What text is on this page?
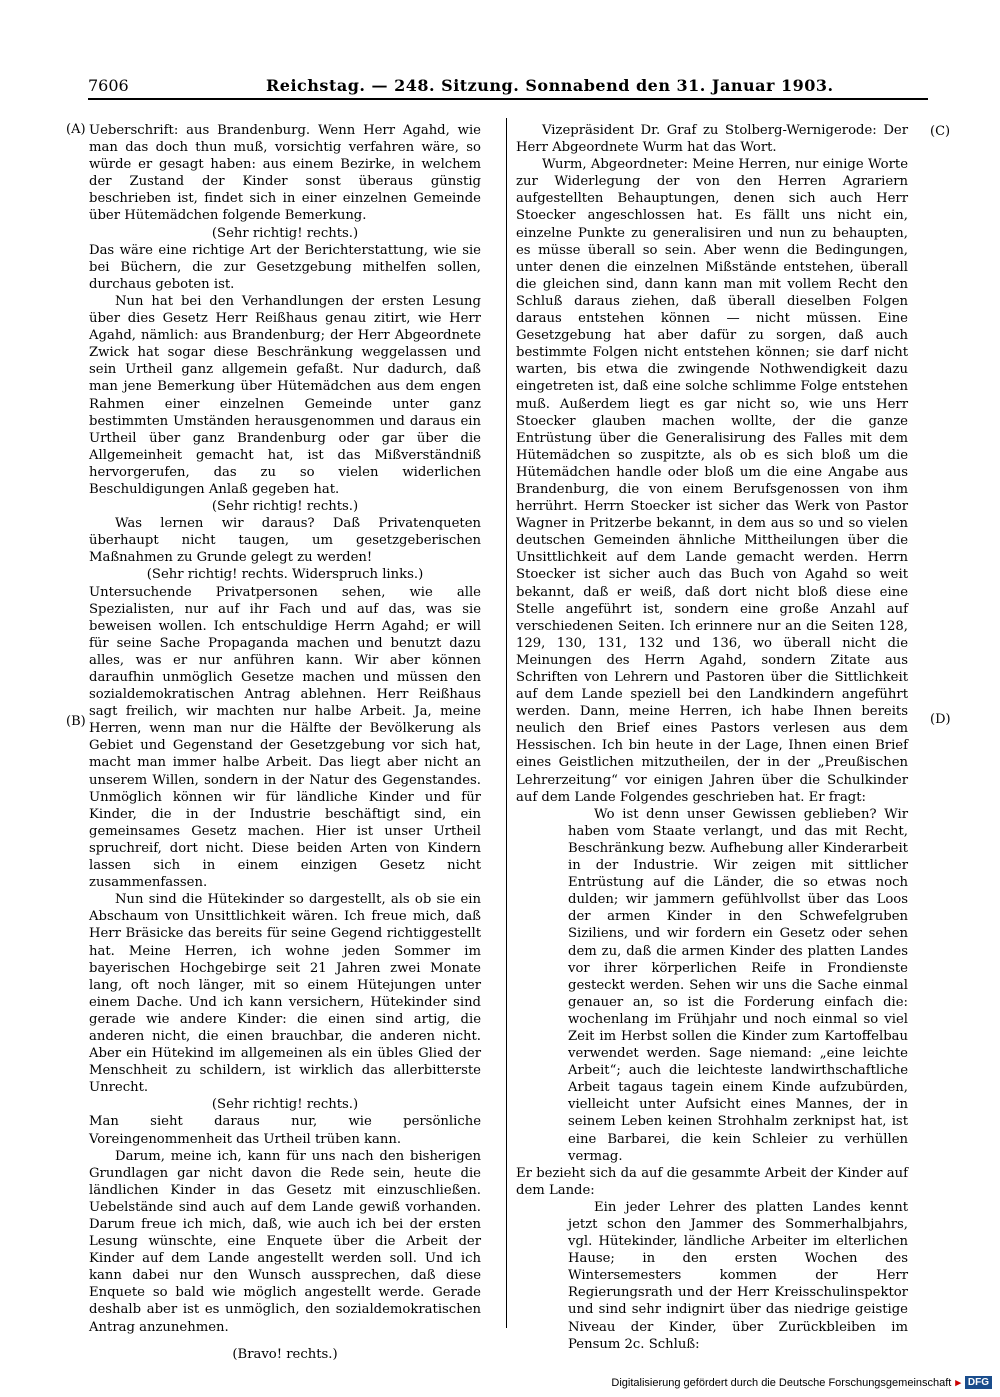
7606	Reichstag. — 248. Sitzung. Sonnabend den 31. Januar 1903.
(A)
(B)
(C)
(D)

Ueberschrift: aus Brandenburg. Wenn Herr Agahd, wie man das doch thun muß, vorsichtig verfahren wäre, so würde er gesagt haben: aus einem Bezirke, in welchem der Zustand der Kinder sonst überaus günstig beschrieben ist, findet sich in einer einzelnen Gemeinde über Hütemädchen folgende Bemerkung.

(Sehr richtig! rechts.)

Das wäre eine richtige Art der Berichterstattung, wie sie bei Büchern, die zur Gesetzgebung mithelfen sollen, durchaus geboten ist.

Nun hat bei den Verhandlungen der ersten Lesung über dies Gesetz Herr Reißhaus genau zitirt, wie Herr Agahd, nämlich: aus Brandenburg; der Herr Abgeordnete Zwick hat sogar diese Beschränkung weggelassen und sein Urtheil ganz allgemein gefaßt. Nur dadurch, daß man jene Bemerkung über Hütemädchen aus dem engen Rahmen einer einzelnen Gemeinde unter ganz bestimmten Umständen herausgenommen und daraus ein Urtheil über ganz Brandenburg oder gar über die Allgemeinheit gemacht hat, ist das Mißverständniß hervorgerufen, das zu so vielen widerlichen Beschuldigungen Anlaß gegeben hat.

(Sehr richtig! rechts.)

Was lernen wir daraus? Daß Privatenqueten überhaupt nicht taugen, um gesetzgeberischen Maßnahmen zu Grunde gelegt zu werden!

(Sehr richtig! rechts. Widerspruch links.)

Untersuchende Privatpersonen sehen, wie alle Spezialisten, nur auf ihr Fach und auf das, was sie beweisen wollen. Ich entschuldige Herrn Agahd; er will für seine Sache Propaganda machen und benutzt dazu alles, was er nur anführen kann. Wir aber können daraufhin unmöglich Gesetze machen und müssen den sozialdemokratischen Antrag ablehnen. Herr Reißhaus sagt freilich, wir machten nur halbe Arbeit. Ja, meine Herren, wenn man nur die Hälfte der Bevölkerung als Gebiet und Gegenstand der Gesetzgebung vor sich hat, macht man immer halbe Arbeit. Das liegt aber nicht an unserem Willen, sondern in der Natur des Gegenstandes. Unmöglich können wir für ländliche Kinder und für Kinder, die in der Industrie beschäftigt sind, ein gemeinsames Gesetz machen. Hier ist unser Urtheil spruchreif, dort nicht. Diese beiden Arten von Kindern lassen sich in einem einzigen Gesetz nicht zusammenfassen.

Nun sind die Hütekinder so dargestellt, als ob sie ein Abschaum von Unsittlichkeit wären. Ich freue mich, daß Herr Bräsicke das bereits für seine Gegend richtiggestellt hat. Meine Herren, ich wohne jeden Sommer im bayerischen Hochgebirge seit 21 Jahren zwei Monate lang, oft noch länger, mit so einem Hütejungen unter einem Dache. Und ich kann versichern, Hütekinder sind gerade wie andere Kinder: die einen sind artig, die anderen nicht, die einen brauchbar, die anderen nicht. Aber ein Hütekind im allgemeinen als ein übles Glied der Menschheit zu schildern, ist wirklich das allerbitterste Unrecht.

(Sehr richtig! rechts.)

Man sieht daraus nur, wie persönliche Voreingenommenheit das Urtheil trüben kann.

Darum, meine ich, kann für uns nach den bisherigen Grundlagen gar nicht davon die Rede sein, heute die ländlichen Kinder in das Gesetz mit einzuschließen. Uebelstände sind auch auf dem Lande gewiß vorhanden. Darum freue ich mich, daß, wie auch ich bei der ersten Lesung wünschte, eine Enquete über die Arbeit der Kinder auf dem Lande angestellt werden soll. Und ich kann dabei nur den Wunsch aussprechen, daß diese Enquete so bald wie möglich angestellt werde. Gerade deshalb aber ist es unmöglich, den sozialdemokratischen Antrag anzunehmen.

(Bravo! rechts.)

Vizepräsident Dr. Graf zu Stolberg-Wernigerode: Der Herr Abgeordnete Wurm hat das Wort.

Wurm, Abgeordneter: Meine Herren, nur einige Worte zur Widerlegung der von den Herren Agrariern aufgestellten Behauptungen, denen sich auch Herr Stoecker angeschlossen hat. Es fällt uns nicht ein, einzelne Punkte zu generalisiren und nun zu behaupten, es müsse überall so sein. Aber wenn die Bedingungen, unter denen die einzelnen Mißstände entstehen, überall die gleichen sind, dann kann man mit vollem Recht den Schluß daraus ziehen, daß überall dieselben Folgen daraus entstehen können — nicht müssen. Eine Gesetzgebung hat aber dafür zu sorgen, daß auch bestimmte Folgen nicht entstehen können; sie darf nicht warten, bis etwa die zwingende Nothwendigkeit dazu eingetreten ist, daß eine solche schlimme Folge entstehen muß. Außerdem liegt es gar nicht so, wie uns Herr Stoecker glauben machen wollte, der die ganze Entrüstung über die Generalisirung des Falles mit dem Hütemädchen so zuspitzte, als ob es sich bloß um die Hütemädchen handle oder bloß um die eine Angabe aus Brandenburg, die von einem Berufsgenossen von ihm herrührt. Herrn Stoecker ist sicher das Werk von Pastor Wagner in Pritzerbe bekannt, in dem aus so und so vielen deutschen Gemeinden ähnliche Mittheilungen über die Unsittlichkeit auf dem Lande gemacht werden. Herrn Stoecker ist sicher auch das Buch von Agahd so weit bekannt, daß er weiß, daß dort nicht bloß diese eine Stelle angeführt ist, sondern eine große Anzahl auf verschiedenen Seiten. Ich erinnere nur an die Seiten 128, 129, 130, 131, 132 und 136, wo überall nicht die Meinungen des Herrn Agahd, sondern Zitate aus Schriften von Lehrern und Pastoren über die Sittlichkeit auf dem Lande speziell bei den Landkindern angeführt werden. Dann, meine Herren, ich habe Ihnen bereits neulich den Brief eines Pastors verlesen aus dem Hessischen. Ich bin heute in der Lage, Ihnen einen Brief eines Geistlichen mitzutheilen, der in der „Preußischen Lehrerzeitung“ vor einigen Jahren über die Schulkinder auf dem Lande Folgendes geschrieben hat. Er fragt:

Wo ist denn unser Gewissen geblieben? Wir haben vom Staate verlangt, und das mit Recht, Beschränkung bezw. Aufhebung aller Kinderarbeit in der Industrie. Wir zeigen mit sittlicher Entrüstung auf die Länder, die so etwas noch dulden; wir jammern gefühlvollst über das Loos der armen Kinder in den Schwefelgruben Siziliens, und wir fordern ein Gesetz oder sehen dem zu, daß die armen Kinder des platten Landes vor ihrer körperlichen Reife in Frondienste gesteckt werden. Sehen wir uns die Sache einmal genauer an, so ist die Forderung einfach die: wochenlang im Frühjahr und noch einmal so viel Zeit im Herbst sollen die Kinder zum Kartoffelbau verwendet werden. Sage niemand: „eine leichte Arbeit“; auch die leichteste landwirthschaftliche Arbeit tagaus tagein einem Kinde aufzubürden, vielleicht unter Aufsicht eines Mannes, der in seinem Leben keinen Strohhalm zerknipst hat, ist eine Barbarei, die kein Schleier zu verhüllen vermag.

Er bezieht sich da auf die gesammte Arbeit der Kinder auf dem Lande:

Ein jeder Lehrer des platten Landes kennt jetzt schon den Jammer des Sommerhalbjahrs, vgl. Hütekinder, ländliche Arbeiter im elterlichen Hause; in den ersten Wochen des Wintersemesters kommen der Herr Regierungsrath und der Herr Kreisschulinspektor und sind sehr indignirt über das niedrige geistige Niveau der Kinder, über Zurückbleiben im Pensum 2c. Schluß:

Digitalisierung gefördert durch die Deutsche Forschungsgemeinschaft ▸ DFG
